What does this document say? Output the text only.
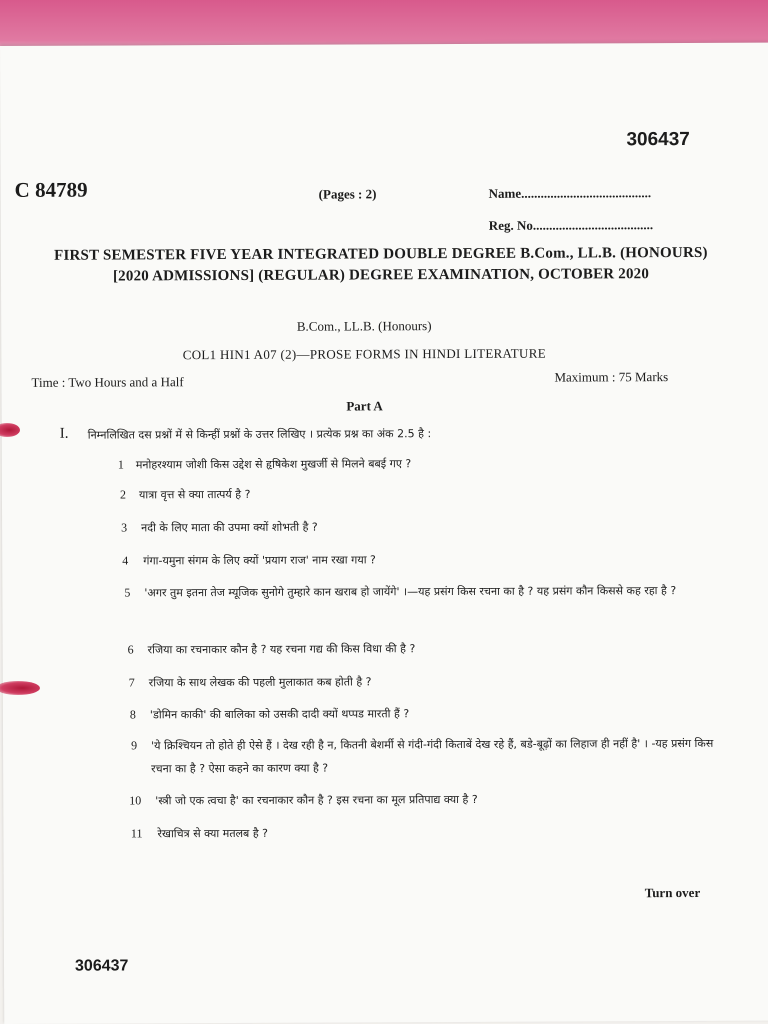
306437
C 84789	(Pages : 2)	Name........................................
Reg. No.....................................
FIRST SEMESTER FIVE YEAR INTEGRATED DOUBLE DEGREE B.Com., LL.B. (HONOURS) [2020 ADMISSIONS] (REGULAR) DEGREE EXAMINATION, OCTOBER 2020
B.Com., LL.B. (Honours)
COL1 HIN1 A07 (2)—PROSE FORMS IN HINDI LITERATURE
Time : Two Hours and a Half	Maximum : 75 Marks
Part A
I. निम्नलिखित दस प्रश्नों में से किन्हीं प्रश्नों के उत्तर लिखिए । प्रत्येक प्रश्न का अंक 2.5 है :
1 मनोहरश्याम जोशी किस उद्देश से हृषिकेश मुखर्जी से मिलने बबई गए ?
2 यात्रा वृत्त से क्या तात्पर्य है ?
3 नदी के लिए माता की उपमा क्यों शोभती है ?
4 गंगा-यमुना संगम के लिए क्यों 'प्रयाग राज' नाम रखा गया ?
5 'अगर तुम इतना तेज म्यूजिक सुनोगे तुम्हारे कान खराब हो जायेंगे' ।—यह प्रसंग किस रचना का है ? यह प्रसंग कौन किससे कह रहा है ?
6 रजिया का रचनाकार कौन है ? यह रचना गद्य की किस विधा की है ?
7 रजिया के साथ लेखक की पहली मुलाकात कब होती है ?
8 'डोमिन काकी' की बालिका को उसकी दादी क्यों थप्पड मारती हैं ?
9 'ये क्रिश्चियन तो होते ही ऐसे हैं । देख रही है न, कितनी बेशर्मी से गंदी-गंदी किताबें देख रहे हैं, बडे-बूढ़ों का लिहाज ही नहीं है' । -यह प्रसंग किस रचना का है ? ऐसा कहने का कारण क्या है ?
10 'स्त्री जो एक त्वचा है' का रचनाकार कौन है ? इस रचना का मूल प्रतिपाद्य क्या है ?
11 रेखाचित्र से क्या मतलब है ?
Turn over
306437
